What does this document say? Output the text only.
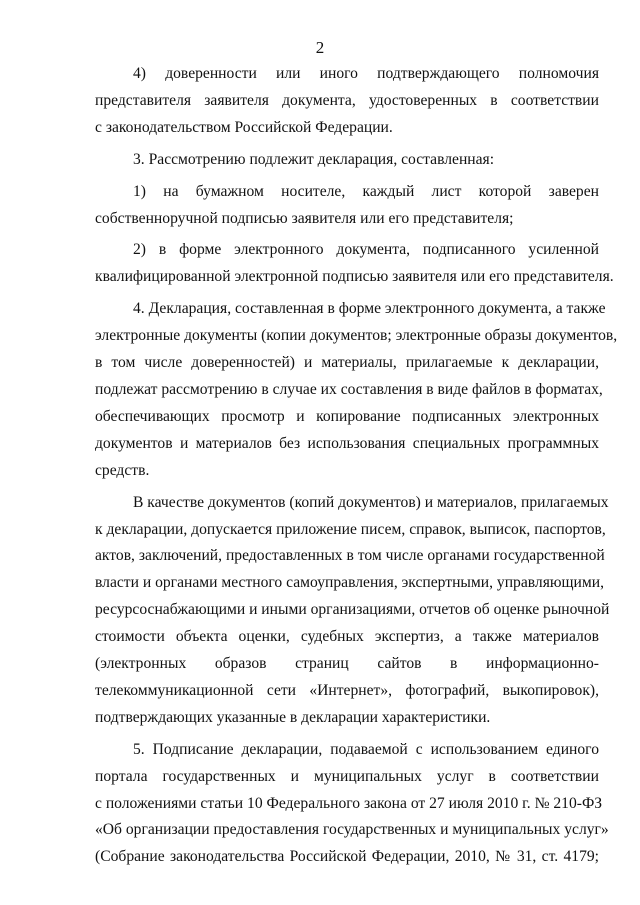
2
4) доверенности или иного подтверждающего полномочия
представителя заявителя документа, удостоверенных в соответствии
с законодательством Российской Федерации.
3. Рассмотрению подлежит декларация, составленная:
1) на бумажном носителе, каждый лист которой заверен
собственноручной подписью заявителя или его представителя;
2) в форме электронного документа, подписанного усиленной
квалифицированной электронной подписью заявителя или его представителя.
4. Декларация, составленная в форме электронного документа, а также
электронные документы (копии документов; электронные образы документов,
в том числе доверенностей) и материалы, прилагаемые к декларации,
подлежат рассмотрению в случае их составления в виде файлов в форматах,
обеспечивающих просмотр и копирование подписанных электронных
документов и материалов без использования специальных программных
средств.
В качестве документов (копий документов) и материалов, прилагаемых
к декларации, допускается приложение писем, справок, выписок, паспортов,
актов, заключений, предоставленных в том числе органами государственной
власти и органами местного самоуправления, экспертными, управляющими,
ресурсоснабжающими и иными организациями, отчетов об оценке рыночной
стоимости объекта оценки, судебных экспертиз, а также материалов
(электронных образов страниц сайтов в информационно-
телекоммуникационной сети «Интернет», фотографий, выкопировок),
подтверждающих указанные в декларации характеристики.
5. Подписание декларации, подаваемой с использованием единого
портала государственных и муниципальных услуг в соответствии
с положениями статьи 10 Федерального закона от 27 июля 2010 г. № 210-ФЗ
«Об организации предоставления государственных и муниципальных услуг»
(Собрание законодательства Российской Федерации, 2010, № 31, ст. 4179;
